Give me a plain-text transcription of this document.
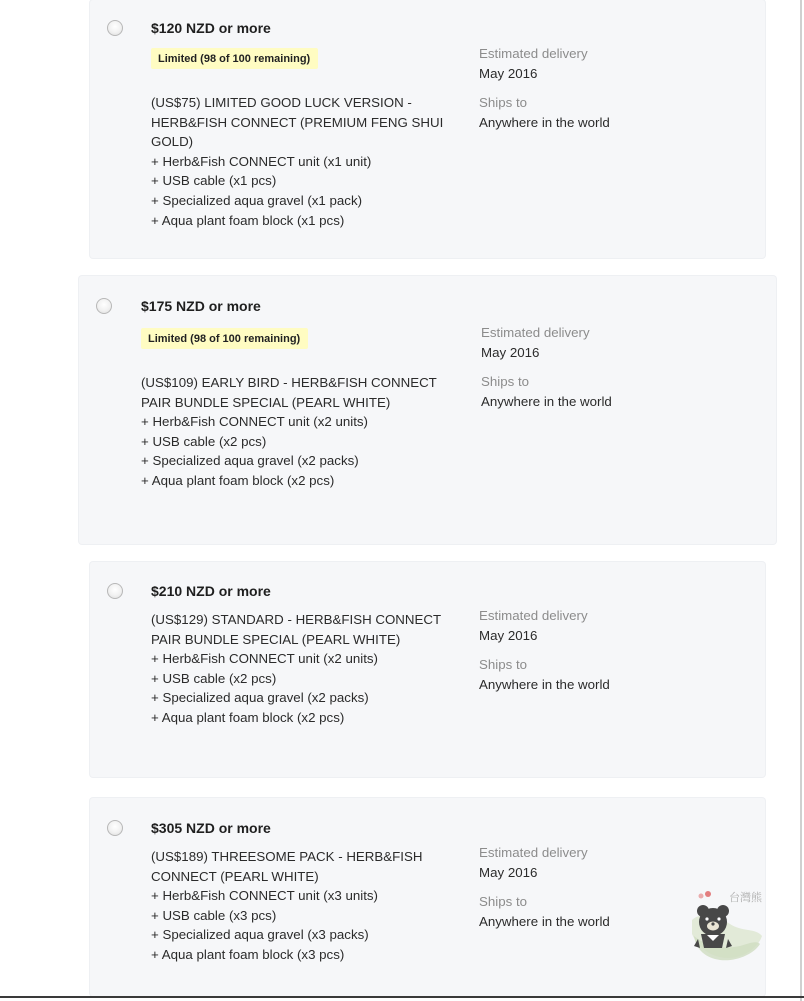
$120 NZD or more
Limited (98 of 100 remaining)
(US$75) LIMITED GOOD LUCK VERSION - HERB&FISH CONNECT (PREMIUM FENG SHUI GOLD)
+ Herb&Fish CONNECT unit (x1 unit)
+ USB cable (x1 pcs)
+ Specialized aqua gravel (x1 pack)
+ Aqua plant foam block (x1 pcs)
Estimated delivery
May 2016
Ships to
Anywhere in the world
$175 NZD or more
Limited (98 of 100 remaining)
(US$109) EARLY BIRD - HERB&FISH CONNECT PAIR BUNDLE SPECIAL (PEARL WHITE)
+ Herb&Fish CONNECT unit (x2 units)
+ USB cable (x2 pcs)
+ Specialized aqua gravel (x2 packs)
+ Aqua plant foam block (x2 pcs)
Estimated delivery
May 2016
Ships to
Anywhere in the world
$210 NZD or more
(US$129) STANDARD - HERB&FISH CONNECT PAIR BUNDLE SPECIAL (PEARL WHITE)
+ Herb&Fish CONNECT unit (x2 units)
+ USB cable (x2 pcs)
+ Specialized aqua gravel (x2 packs)
+ Aqua plant foam block (x2 pcs)
Estimated delivery
May 2016
Ships to
Anywhere in the world
$305 NZD or more
(US$189) THREESOME PACK - HERB&FISH CONNECT (PEARL WHITE)
+ Herb&Fish CONNECT unit (x3 units)
+ USB cable (x3 pcs)
+ Specialized aqua gravel (x3 packs)
+ Aqua plant foam block (x3 pcs)
Estimated delivery
May 2016
Ships to
Anywhere in the world
台灣熊
